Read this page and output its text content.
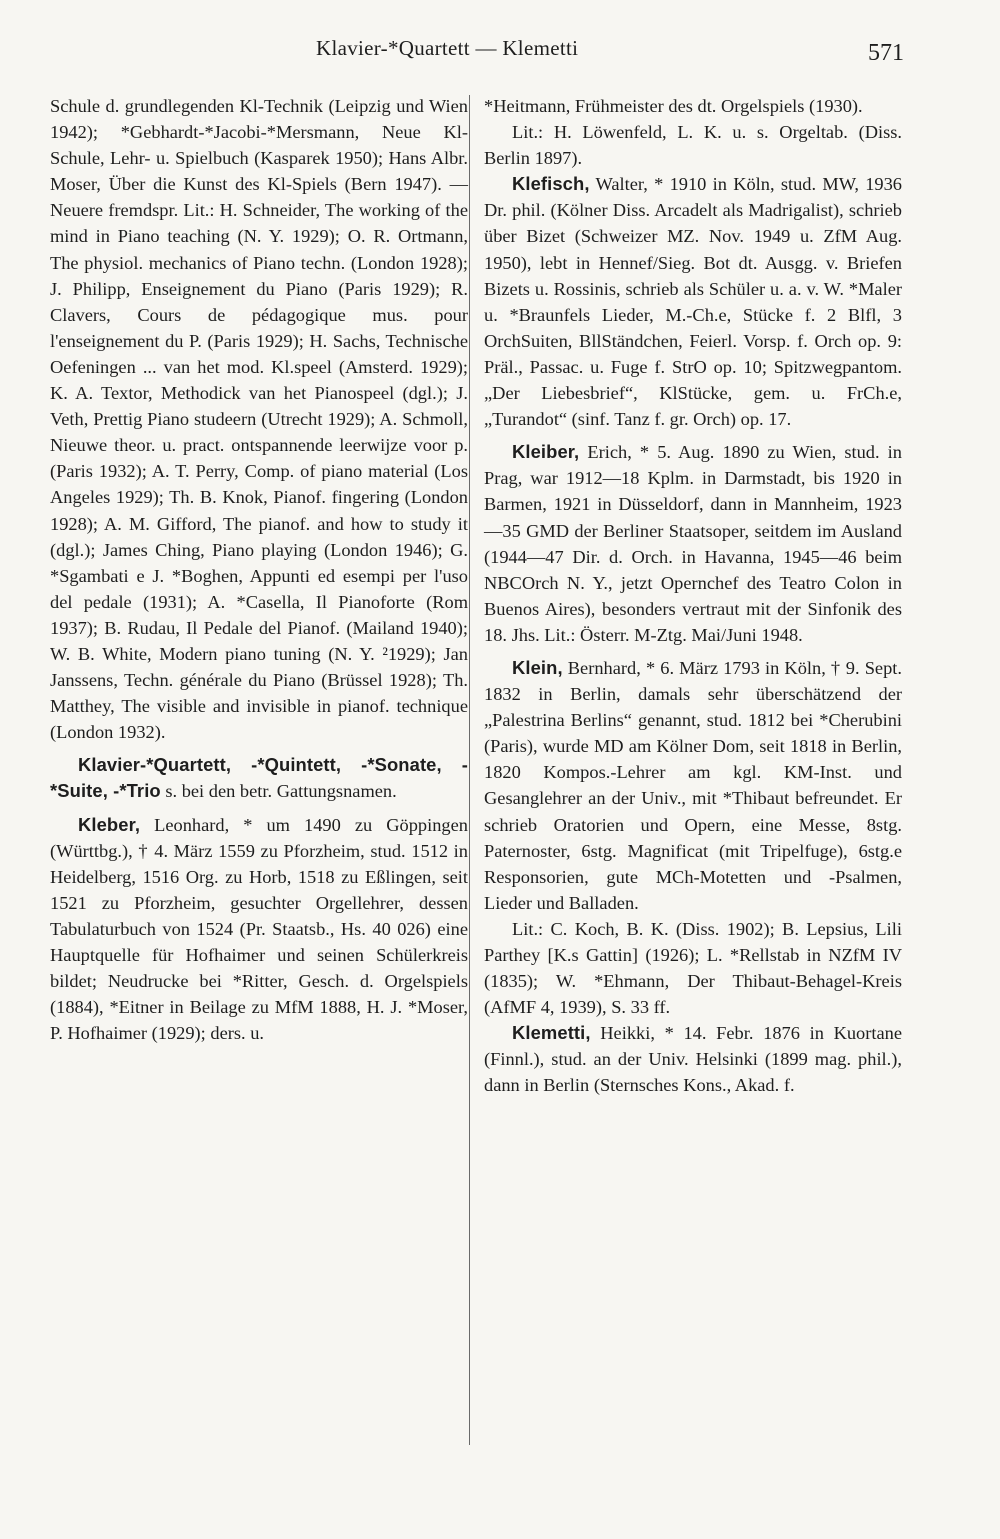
Klavier-*Quartett — Klemetti	571

Schule d. grundlegenden Kl-Technik (Leipzig und Wien 1942); *Gebhardt-*Jacobi-*Mersmann, Neue Kl-Schule, Lehr- u. Spielbuch (Kasparek 1950); Hans Albr. Moser, Über die Kunst des Kl-Spiels (Bern 1947). — Neuere fremdspr. Lit.: H. Schneider, The working of the mind in Piano teaching (N. Y. 1929); O. R. Ortmann, The physiol. mechanics of Piano techn. (London 1928); J. Philipp, Enseignement du Piano (Paris 1929); R. Clavers, Cours de pédagogique mus. pour l'enseignement du P. (Paris 1929); H. Sachs, Technische Oefeningen ... van het mod. Kl.speel (Amsterd. 1929); K. A. Textor, Methodick van het Pianospeel (dgl.); J. Veth, Prettig Piano studeern (Utrecht 1929); A. Schmoll, Nieuwe theor. u. pract. ontspannende leerwijze voor p. (Paris 1932); A. T. Perry, Comp. of piano material (Los Angeles 1929); Th. B. Knok, Pianof. fingering (London 1928); A. M. Gifford, The pianof. and how to study it (dgl.); James Ching, Piano playing (London 1946); G. *Sgambati e J. *Boghen, Appunti ed esempi per l'uso del pedale (1931); A. *Casella, Il Pianoforte (Rom 1937); B. Rudau, Il Pedale del Pianof. (Mailand 1940); W. B. White, Modern piano tuning (N. Y. ²1929); Jan Janssens, Techn. générale du Piano (Brüssel 1928); Th. Matthey, The visible and invisible in pianof. technique (London 1932).

Klavier-*Quartett, -*Quintett, -*Sonate, -*Suite, -*Trio s. bei den betr. Gattungsnamen.

Kleber, Leonhard, * um 1490 zu Göppingen (Württbg.), † 4. März 1559 zu Pforzheim, stud. 1512 in Heidelberg, 1516 Org. zu Horb, 1518 zu Eßlingen, seit 1521 zu Pforzheim, gesuchter Orgellehrer, dessen Tabulaturbuch von 1524 (Pr. Staatsb., Hs. 40 026) eine Hauptquelle für Hofhaimer und seinen Schülerkreis bildet; Neudrucke bei *Ritter, Gesch. d. Orgelspiels (1884), *Eitner in Beilage zu MfM 1888, H. J. *Moser, P. Hofhaimer (1929); ders. u.

*Heitmann, Frühmeister des dt. Orgelspiels (1930).

Lit.: H. Löwenfeld, L. K. u. s. Orgeltab. (Diss. Berlin 1897).

Klefisch, Walter, * 1910 in Köln, stud. MW, 1936 Dr. phil. (Kölner Diss. Arcadelt als Madrigalist), schrieb über Bizet (Schweizer MZ. Nov. 1949 u. ZfM Aug. 1950), lebt in Hennef/Sieg. Bot dt. Ausgg. v. Briefen Bizets u. Rossinis, schrieb als Schüler u. a. v. W. *Maler u. *Braunfels Lieder, M.-Ch.e, Stücke f. 2 Blfl, 3 OrchSuiten, BllStändchen, Feierl. Vorsp. f. Orch op. 9: Präl., Passac. u. Fuge f. StrO op. 10; Spitzwegpantom. „Der Liebesbrief“, KlStücke, gem. u. FrCh.e, „Turandot“ (sinf. Tanz f. gr. Orch) op. 17.

Kleiber, Erich, * 5. Aug. 1890 zu Wien, stud. in Prag, war 1912—18 Kplm. in Darmstadt, bis 1920 in Barmen, 1921 in Düsseldorf, dann in Mannheim, 1923—35 GMD der Berliner Staatsoper, seitdem im Ausland (1944—47 Dir. d. Orch. in Havanna, 1945—46 beim NBCOrch N. Y., jetzt Opernchef des Teatro Colon in Buenos Aires), besonders vertraut mit der Sinfonik des 18. Jhs. Lit.: Österr. M-Ztg. Mai/Juni 1948.

Klein, Bernhard, * 6. März 1793 in Köln, † 9. Sept. 1832 in Berlin, damals sehr überschätzend der „Palestrina Berlins“ genannt, stud. 1812 bei *Cherubini (Paris), wurde MD am Kölner Dom, seit 1818 in Berlin, 1820 Kompos.-Lehrer am kgl. KM-Inst. und Gesanglehrer an der Univ., mit *Thibaut befreundet. Er schrieb Oratorien und Opern, eine Messe, 8stg. Paternoster, 6stg. Magnificat (mit Tripelfuge), 6stg.e Responsorien, gute MCh-Motetten und -Psalmen, Lieder und Balladen.

Lit.: C. Koch, B. K. (Diss. 1902); B. Lepsius, Lili Parthey [K.s Gattin] (1926); L. *Rellstab in NZfM IV (1835); W. *Ehmann, Der Thibaut-Behagel-Kreis (AfMF 4, 1939), S. 33 ff.

Klemetti, Heikki, * 14. Febr. 1876 in Kuortane (Finnl.), stud. an der Univ. Helsinki (1899 mag. phil.), dann in Berlin (Sternsches Kons., Akad. f.
